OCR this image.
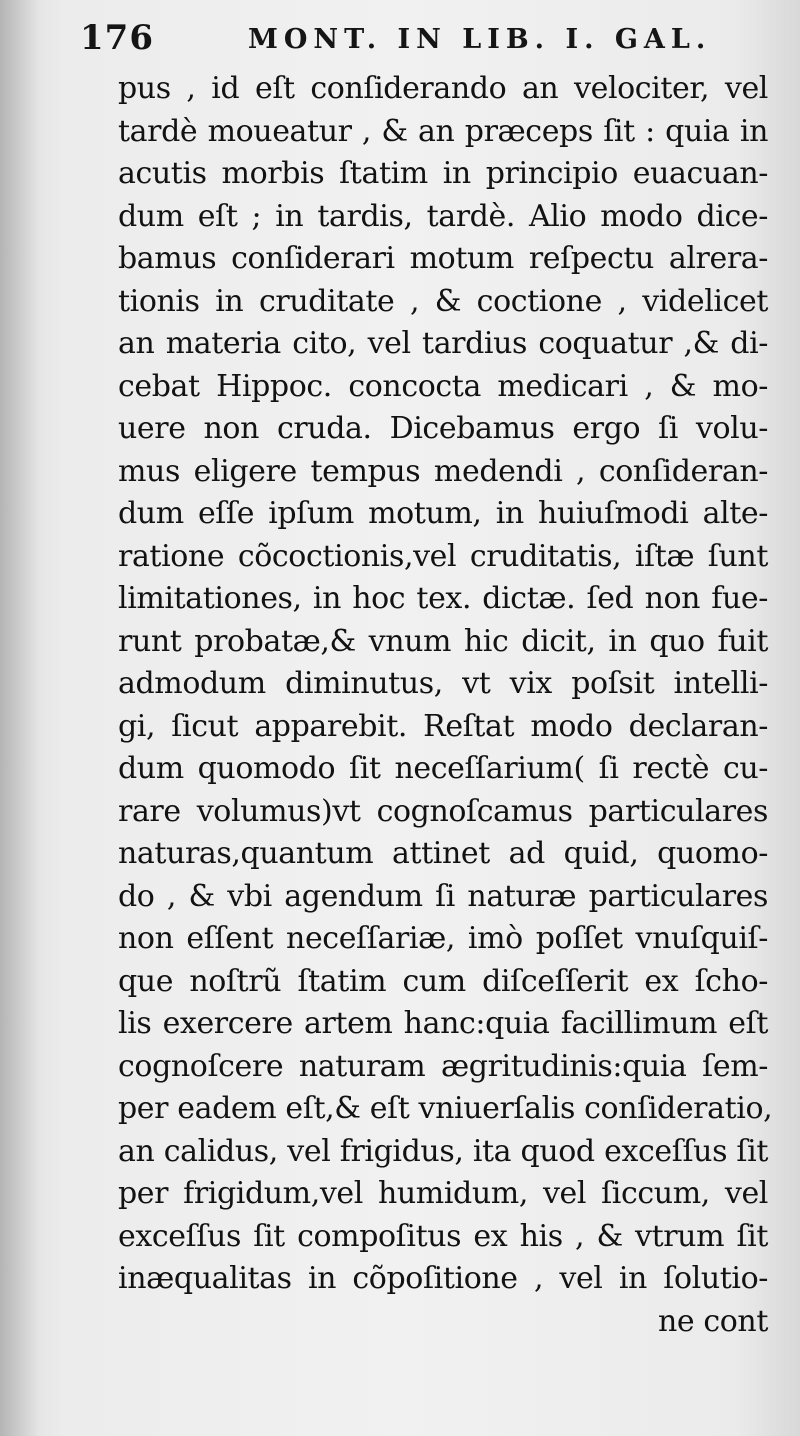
176	MONT. IN LIB. I. GAL.
pus , id eſt conſiderando an velociter, vel
tardè moueatur , & an præceps ſit : quia in
acutis morbis ſtatim in principio euacuan-
dum eſt ; in tardis, tardè. Alio modo dice-
bamus conſiderari motum reſpectu alrera-
tionis in cruditate , & coctione , videlicet
an materia cito, vel tardius coquatur ,& di-
cebat Hippoc. concocta medicari , & mo-
uere non cruda. Dicebamus ergo ſi volu-
mus eligere tempus medendi , conſideran-
dum eſſe ipſum motum, in huiuſmodi alte-
ratione cõcoctionis,vel cruditatis, iſtæ ſunt
limitationes, in hoc tex. dictæ. ſed non fue-
runt probatæ,& vnum hic dicit, in quo fuit
admodum diminutus, vt vix poſsit intelli-
gi, ſicut apparebit. Reſtat modo declaran-
dum quomodo ſit neceſſarium( ſi rectè cu-
rare volumus)vt cognoſcamus particulares
naturas,quantum attinet ad quid, quomo-
do , & vbi agendum ſi naturæ particulares
non eſſent neceſſariæ, imò poſſet vnuſquiſ-
que noſtrũ ſtatim cum diſceſſerit ex ſcho-
lis exercere artem hanc:quia facillimum eſt
cognoſcere naturam ægritudinis:quia ſem-
per eadem eſt,& eſt vniuerſalis conſideratio,
an calidus, vel frigidus, ita quod exceſſus ſit
per frigidum,vel humidum, vel ſiccum, vel
exceſſus ſit compoſitus ex his , & vtrum ſit
inæqualitas in cõpoſitione , vel in ſolutio-
ne cont
